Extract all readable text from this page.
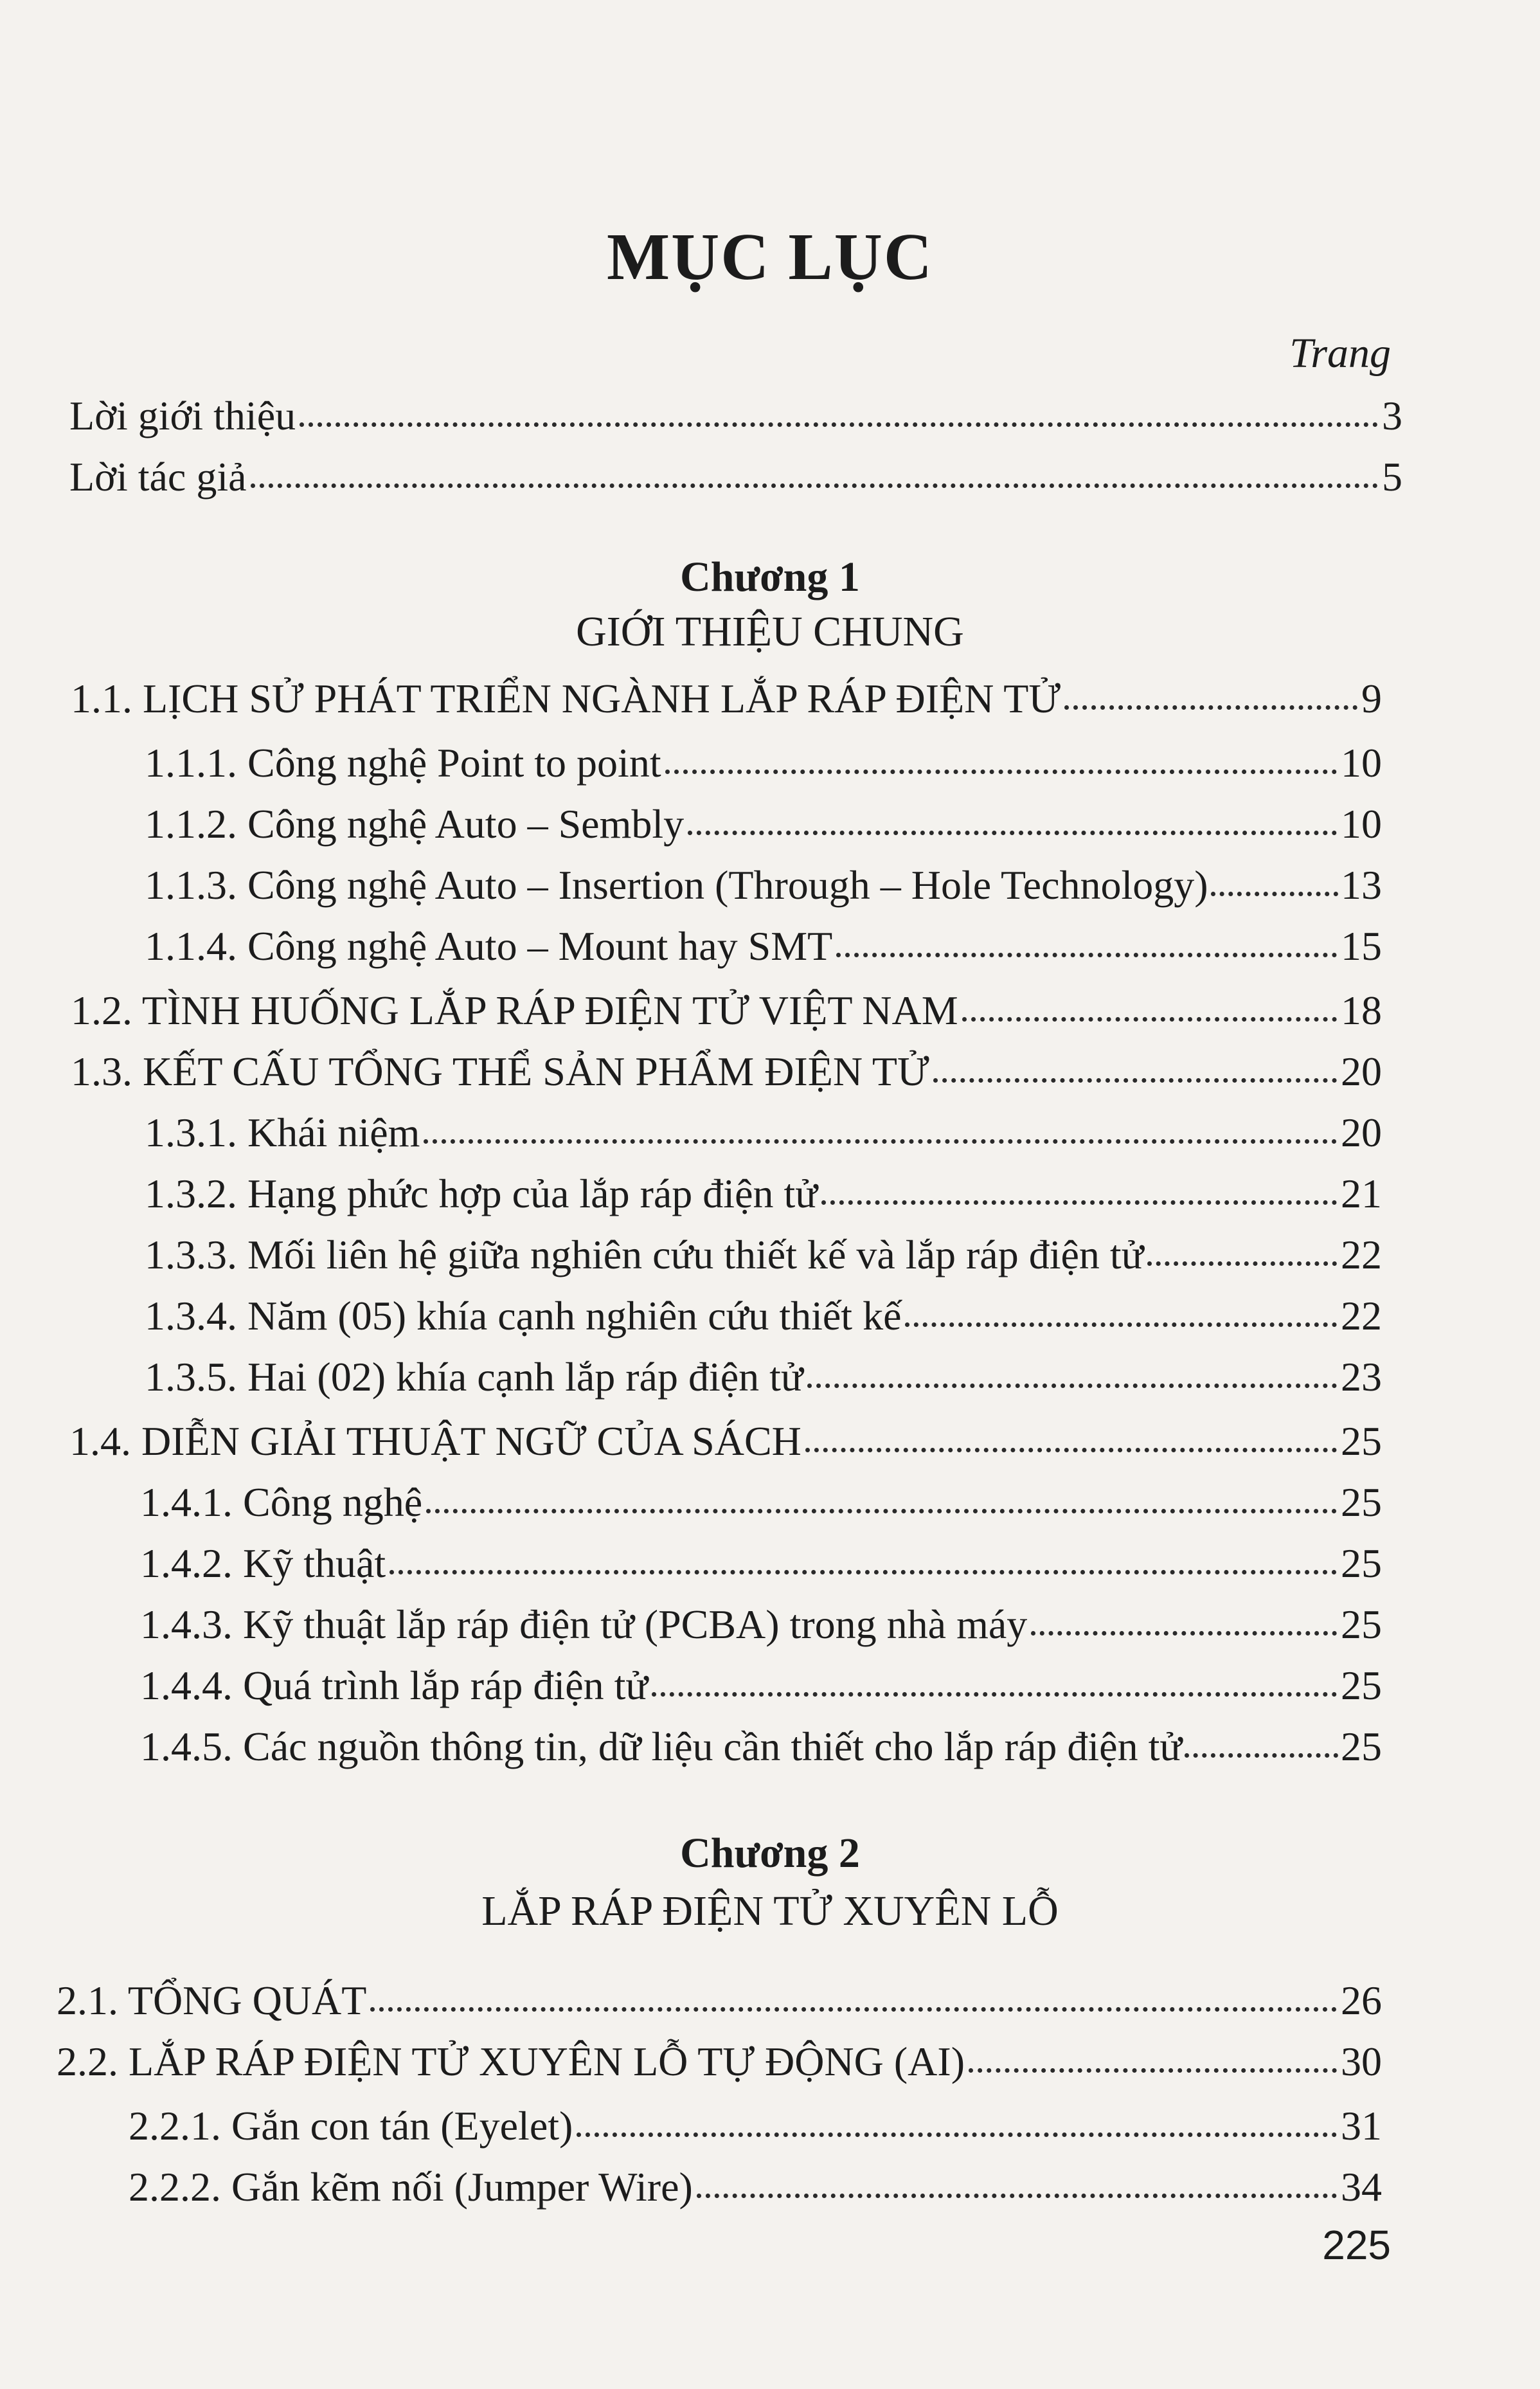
MỤC LỤC
Trang
Lời giới thiệu	3
Lời tác giả	5
Chương 1
GIỚI THIỆU CHUNG
1.1. LỊCH SỬ PHÁT TRIỂN NGÀNH LẮP RÁP ĐIỆN TỬ	9
1.1.1. Công nghệ Point to point	10
1.1.2. Công nghệ Auto – Sembly	10
1.1.3. Công nghệ Auto – Insertion (Through – Hole Technology)	13
1.1.4. Công nghệ Auto – Mount hay SMT	15
1.2. TÌNH HUỐNG LẮP RÁP ĐIỆN TỬ VIỆT NAM	18
1.3. KẾT CẤU TỔNG THỂ SẢN PHẨM ĐIỆN TỬ	20
1.3.1. Khái niệm	20
1.3.2. Hạng phức hợp của lắp ráp điện tử	21
1.3.3. Mối liên hệ giữa nghiên cứu thiết kế và lắp ráp điện tử	22
1.3.4. Năm (05) khía cạnh nghiên cứu thiết kế	22
1.3.5. Hai (02) khía cạnh lắp ráp điện tử	23
1.4. DIỄN GIẢI THUẬT NGỮ CỦA SÁCH	25
1.4.1. Công nghệ	25
1.4.2. Kỹ thuật	25
1.4.3. Kỹ thuật lắp ráp điện tử (PCBA) trong nhà máy	25
1.4.4. Quá trình lắp ráp điện tử	25
1.4.5. Các nguồn thông tin, dữ liệu cần thiết cho lắp ráp điện tử	25
Chương 2
LẮP RÁP ĐIỆN TỬ XUYÊN LỖ
2.1. TỔNG QUÁT	26
2.2. LẮP RÁP ĐIỆN TỬ XUYÊN LỖ TỰ ĐỘNG (AI)	30
2.2.1. Gắn con tán (Eyelet)	31
2.2.2. Gắn kẽm nối (Jumper Wire)	34
225
